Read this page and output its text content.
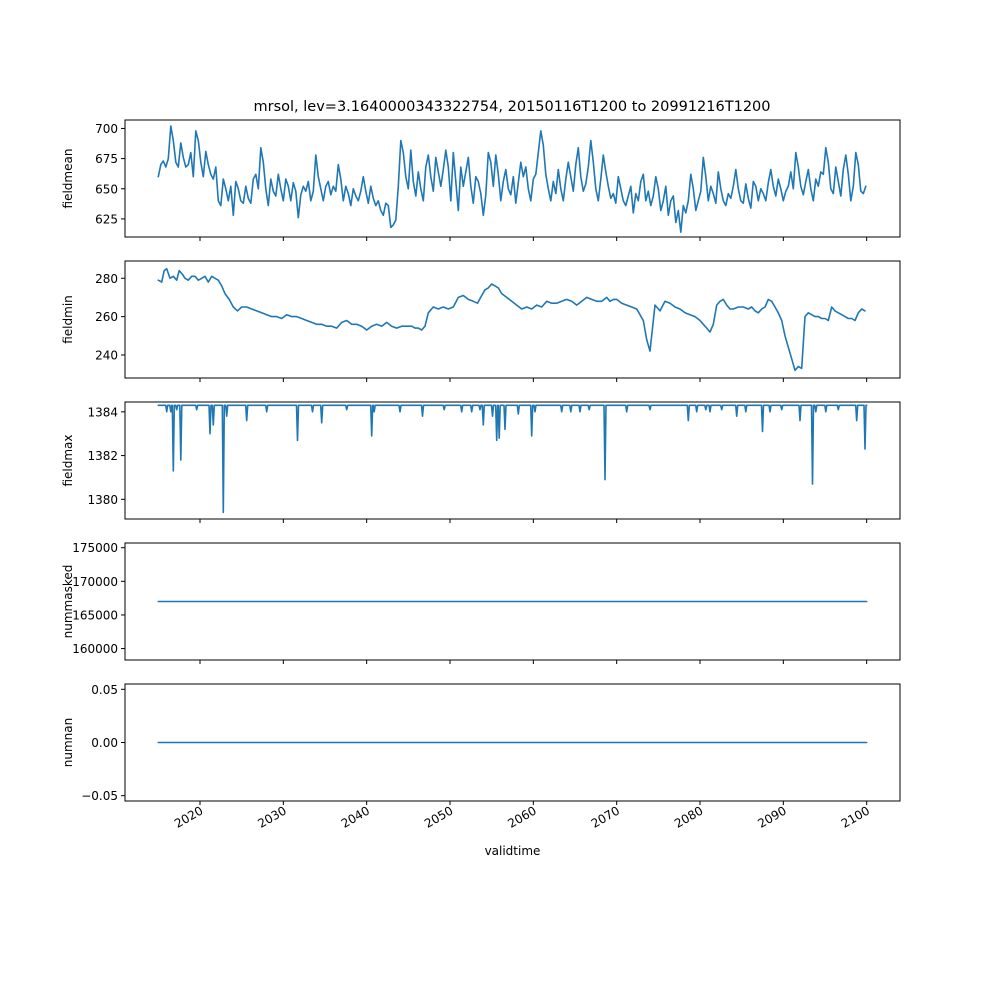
mrsol, lev=3.1640000343322754, 20150116T1200 to 20991216T1200
625
650
675
700
fieldmean
240
260
280
fieldmin
1380
1382
1384
fieldmax
160000
165000
170000
175000
nummasked
−0.05
0.00
0.05
2020	2030	2040	2050	2060	2070	2080	2090	2100
numnan
validtime
